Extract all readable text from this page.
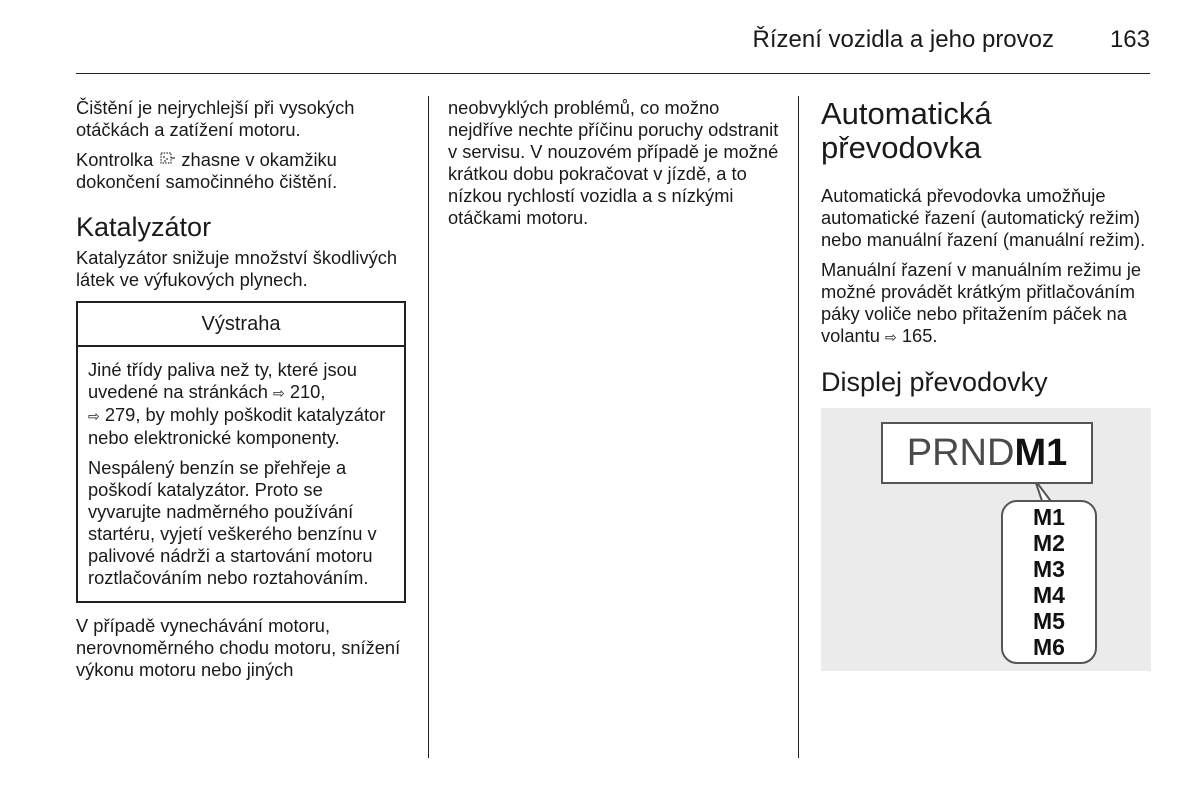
Řízení vozidla a jeho provoz 163

Čištění je nejrychlejší při vysokých otáčkách a zatížení motoru.

Kontrolka  zhasne v okamžiku dokončení samočinného čištění.

Katalyzátor

Katalyzátor snižuje množství škodlivých látek ve výfukových plynech.

Výstraha

Jiné třídy paliva než ty, které jsou uvedené na stránkách ⇨ 210,
⇨ 279, by mohly poškodit katalyzátor nebo elektronické komponenty.

Nespálený benzín se přehřeje a poškodí katalyzátor. Proto se vyvarujte nadměrného používání startéru, vyjetí veškerého benzínu v palivové nádrži a startování motoru roztlačováním nebo roztahováním.

V případě vynechávání motoru, nerovnoměrného chodu motoru, snížení výkonu motoru nebo jiných

neobvyklých problémů, co možno nejdříve nechte příčinu poruchy odstranit v servisu. V nouzovém případě je možné krátkou dobu pokračovat v jízdě, a to nízkou rychlostí vozidla a s nízkými otáčkami motoru.

Automatická převodovka

Automatická převodovka umožňuje automatické řazení (automatický režim) nebo manuální řazení (manuální režim).

Manuální řazení v manuálním režimu je možné provádět krátkým přitlačováním páky voliče nebo přitažením páček na volantu ⇨ 165.

Displej převodovky
PRNDM1
M1
M2
M3
M4
M5
M6
